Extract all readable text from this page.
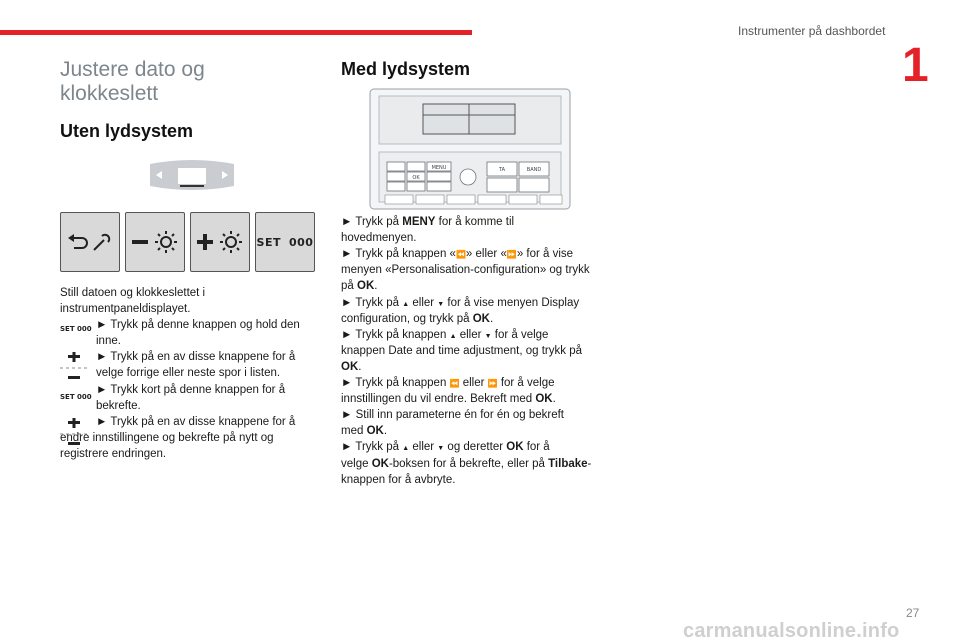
Instrumenter på dashbordet
1
Justere dato og klokkeslett
Uten lydsystem
SET 000
Still datoen og klokkeslettet i instrumentpaneldisplayet.
SET 000 ► Trykk på denne knappen og hold den inne.
► Trykk på en av disse knappene for å velge forrige eller neste spor i listen.
SET 000
► Trykk kort på denne knappen for å bekrefte.
► Trykk på en av disse knappene for å endre innstillingene og bekrefte på nytt og registrere endringen.
Med lydsystem
MENU
OK
TA	BAND
► Trykk på MENY for å komme til
hovedmenyen.
► Trykk på knappen «⏪» eller «⏩» for å vise
menyen «Personalisation-configuration» og trykk
på OK.
► Trykk på ▲ eller ▼ for å vise menyen Display
configuration, og trykk på OK.
► Trykk på knappen ▲ eller ▼ for å velge
knappen Date and time adjustment, og trykk på
OK.
► Trykk på knappen ⏪ eller ⏩ for å velge
innstillingen du vil endre. Bekreft med OK.
► Still inn parameterne én for én og bekreft
med OK.
► Trykk på ▲ eller ▼ og deretter OK for å
velge OK-boksen for å bekrefte, eller på Tilbake-
knappen for å avbryte.
27
carmanualsonline.info
